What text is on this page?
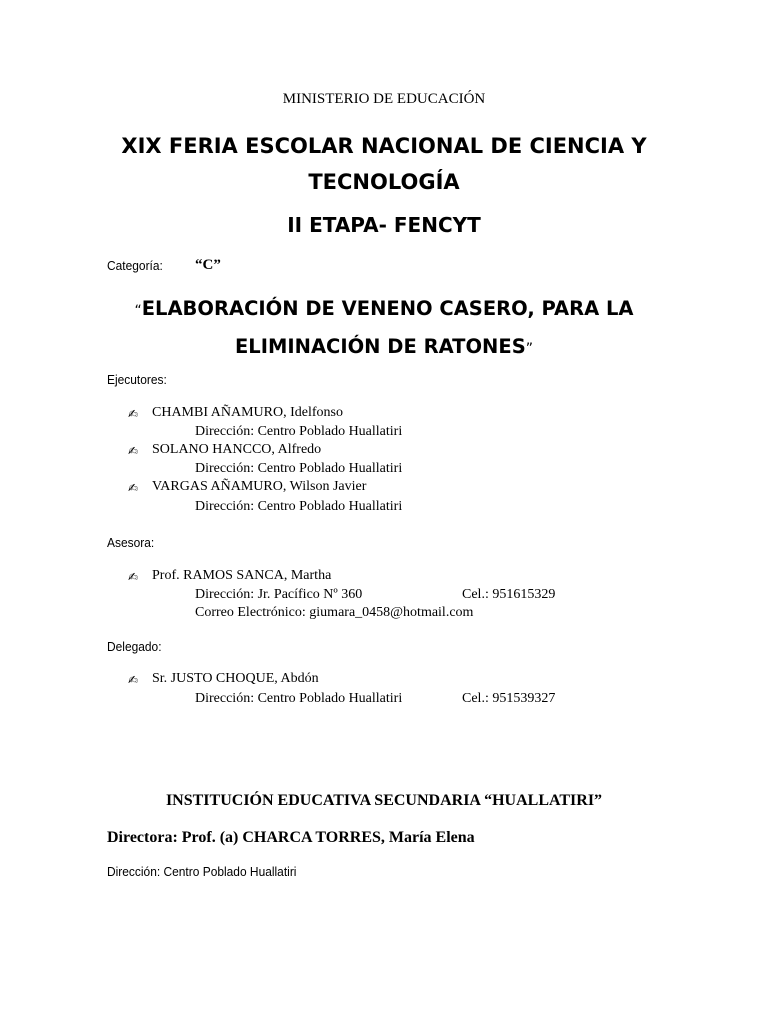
MINISTERIO DE EDUCACIÓN
XIX FERIA ESCOLAR NACIONAL DE CIENCIA Y
TECNOLOGÍA
II ETAPA- FENCYT
Categoría: “C”
“ELABORACIÓN DE VENENO CASERO, PARA LA
ELIMINACIÓN DE RATONES”
Ejecutores:
✍ CHAMBI AÑAMURO, Idelfonso
Dirección: Centro Poblado Huallatiri
✍ SOLANO HANCCO, Alfredo
Dirección: Centro Poblado Huallatiri
✍ VARGAS AÑAMURO, Wilson Javier
Dirección: Centro Poblado Huallatiri
Asesora:
✍ Prof. RAMOS SANCA, Martha
Dirección: Jr. Pacífico Nº 360	Cel.: 951615329
Correo Electrónico: giumara_0458@hotmail.com
Delegado:
✍ Sr. JUSTO CHOQUE, Abdón
Dirección: Centro Poblado Huallatiri	Cel.: 951539327
INSTITUCIÓN EDUCATIVA SECUNDARIA “HUALLATIRI”
Directora: Prof. (a) CHARCA TORRES, María Elena
Dirección: Centro Poblado Huallatiri
